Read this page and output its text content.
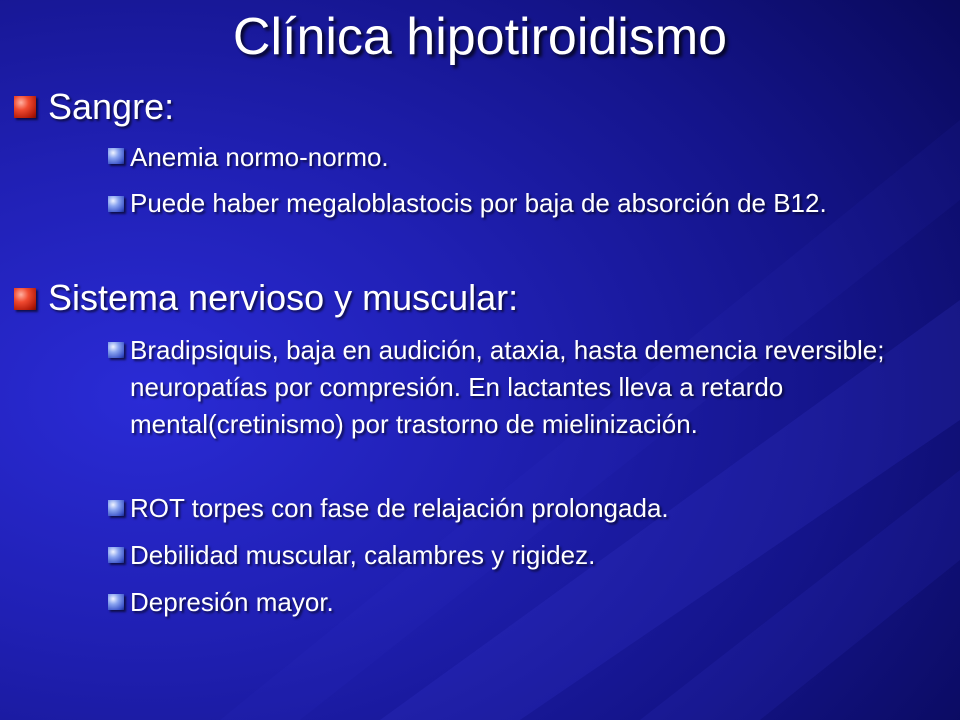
Clínica hipotiroidismo
Sangre:
Anemia normo-normo.
Puede haber megaloblastocis por baja de absorción de B12.
Sistema nervioso y muscular:
Bradipsiquis, baja en audición, ataxia, hasta demencia reversible; neuropatías por compresión. En lactantes lleva a retardo mental(cretinismo) por trastorno de mielinización.
ROT torpes con fase de relajación prolongada.
Debilidad muscular, calambres y rigidez.
Depresión mayor.
